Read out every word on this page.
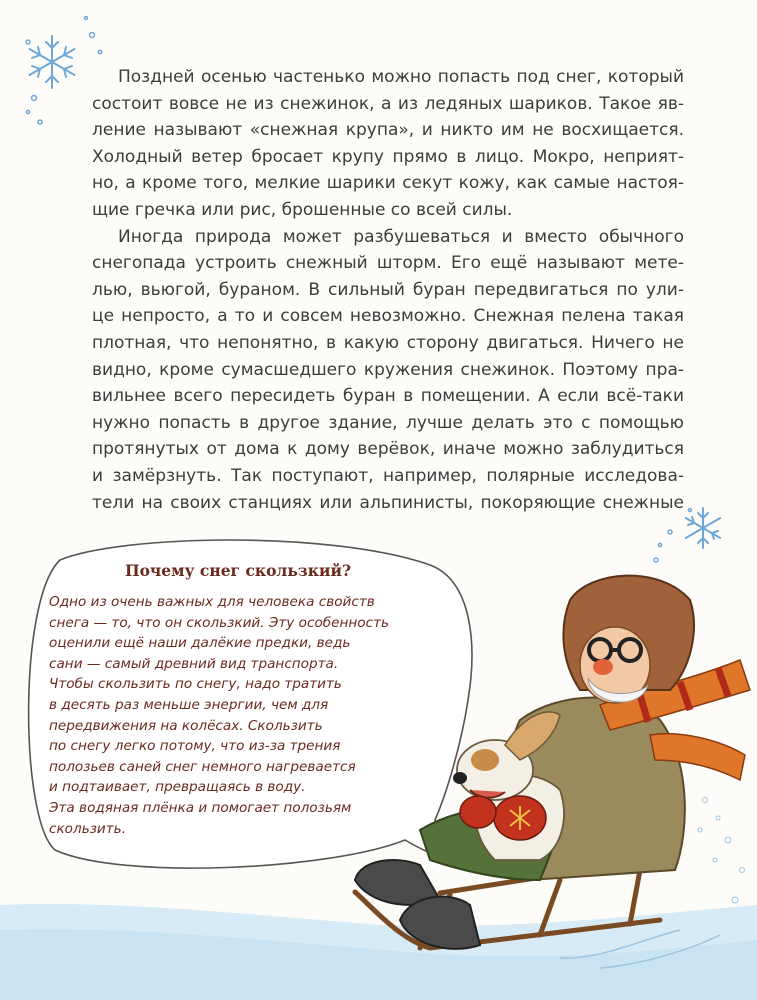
Поздней осенью частенько можно попасть под снег, который
состоит вовсе не из снежинок, а из ледяных шариков. Такое яв-
ление называют «снежная крупа», и никто им не восхищается.
Холодный ветер бросает крупу прямо в лицо. Мокро, неприят-
но, а кроме того, мелкие шарики секут кожу, как самые настоя-
щие гречка или рис, брошенные со всей силы.
Иногда природа может разбушеваться и вместо обычного
снегопада устроить снежный шторм. Его ещё называют мете-
лью, вьюгой, бураном. В сильный буран передвигаться по ули-
це непросто, а то и совсем невозможно. Снежная пелена такая
плотная, что непонятно, в какую сторону двигаться. Ничего не
видно, кроме сумасшедшего кружения снежинок. Поэтому пра-
вильнее всего пересидеть буран в помещении. А если всё-таки
нужно попасть в другое здание, лучше делать это с помощью
протянутых от дома к дому верёвок, иначе можно заблудиться
и замёрзнуть. Так поступают, например, полярные исследова-
тели на своих станциях или альпинисты, покоряющие снежные
Почему снег скользкий?
Одно из очень важных для человека свойств
снега — то, что он скользкий. Эту особенность
оценили ещё наши далёкие предки, ведь
сани — самый древний вид транспорта.
Чтобы скользить по снегу, надо тратить
в десять раз меньше энергии, чем для
передвижения на колёсах. Скользить
по снегу легко потому, что из-за трения
полозьев саней снег немного нагревается
и подтаивает, превращаясь в воду.
Эта водяная плёнка и помогает полозьям
скользить.
